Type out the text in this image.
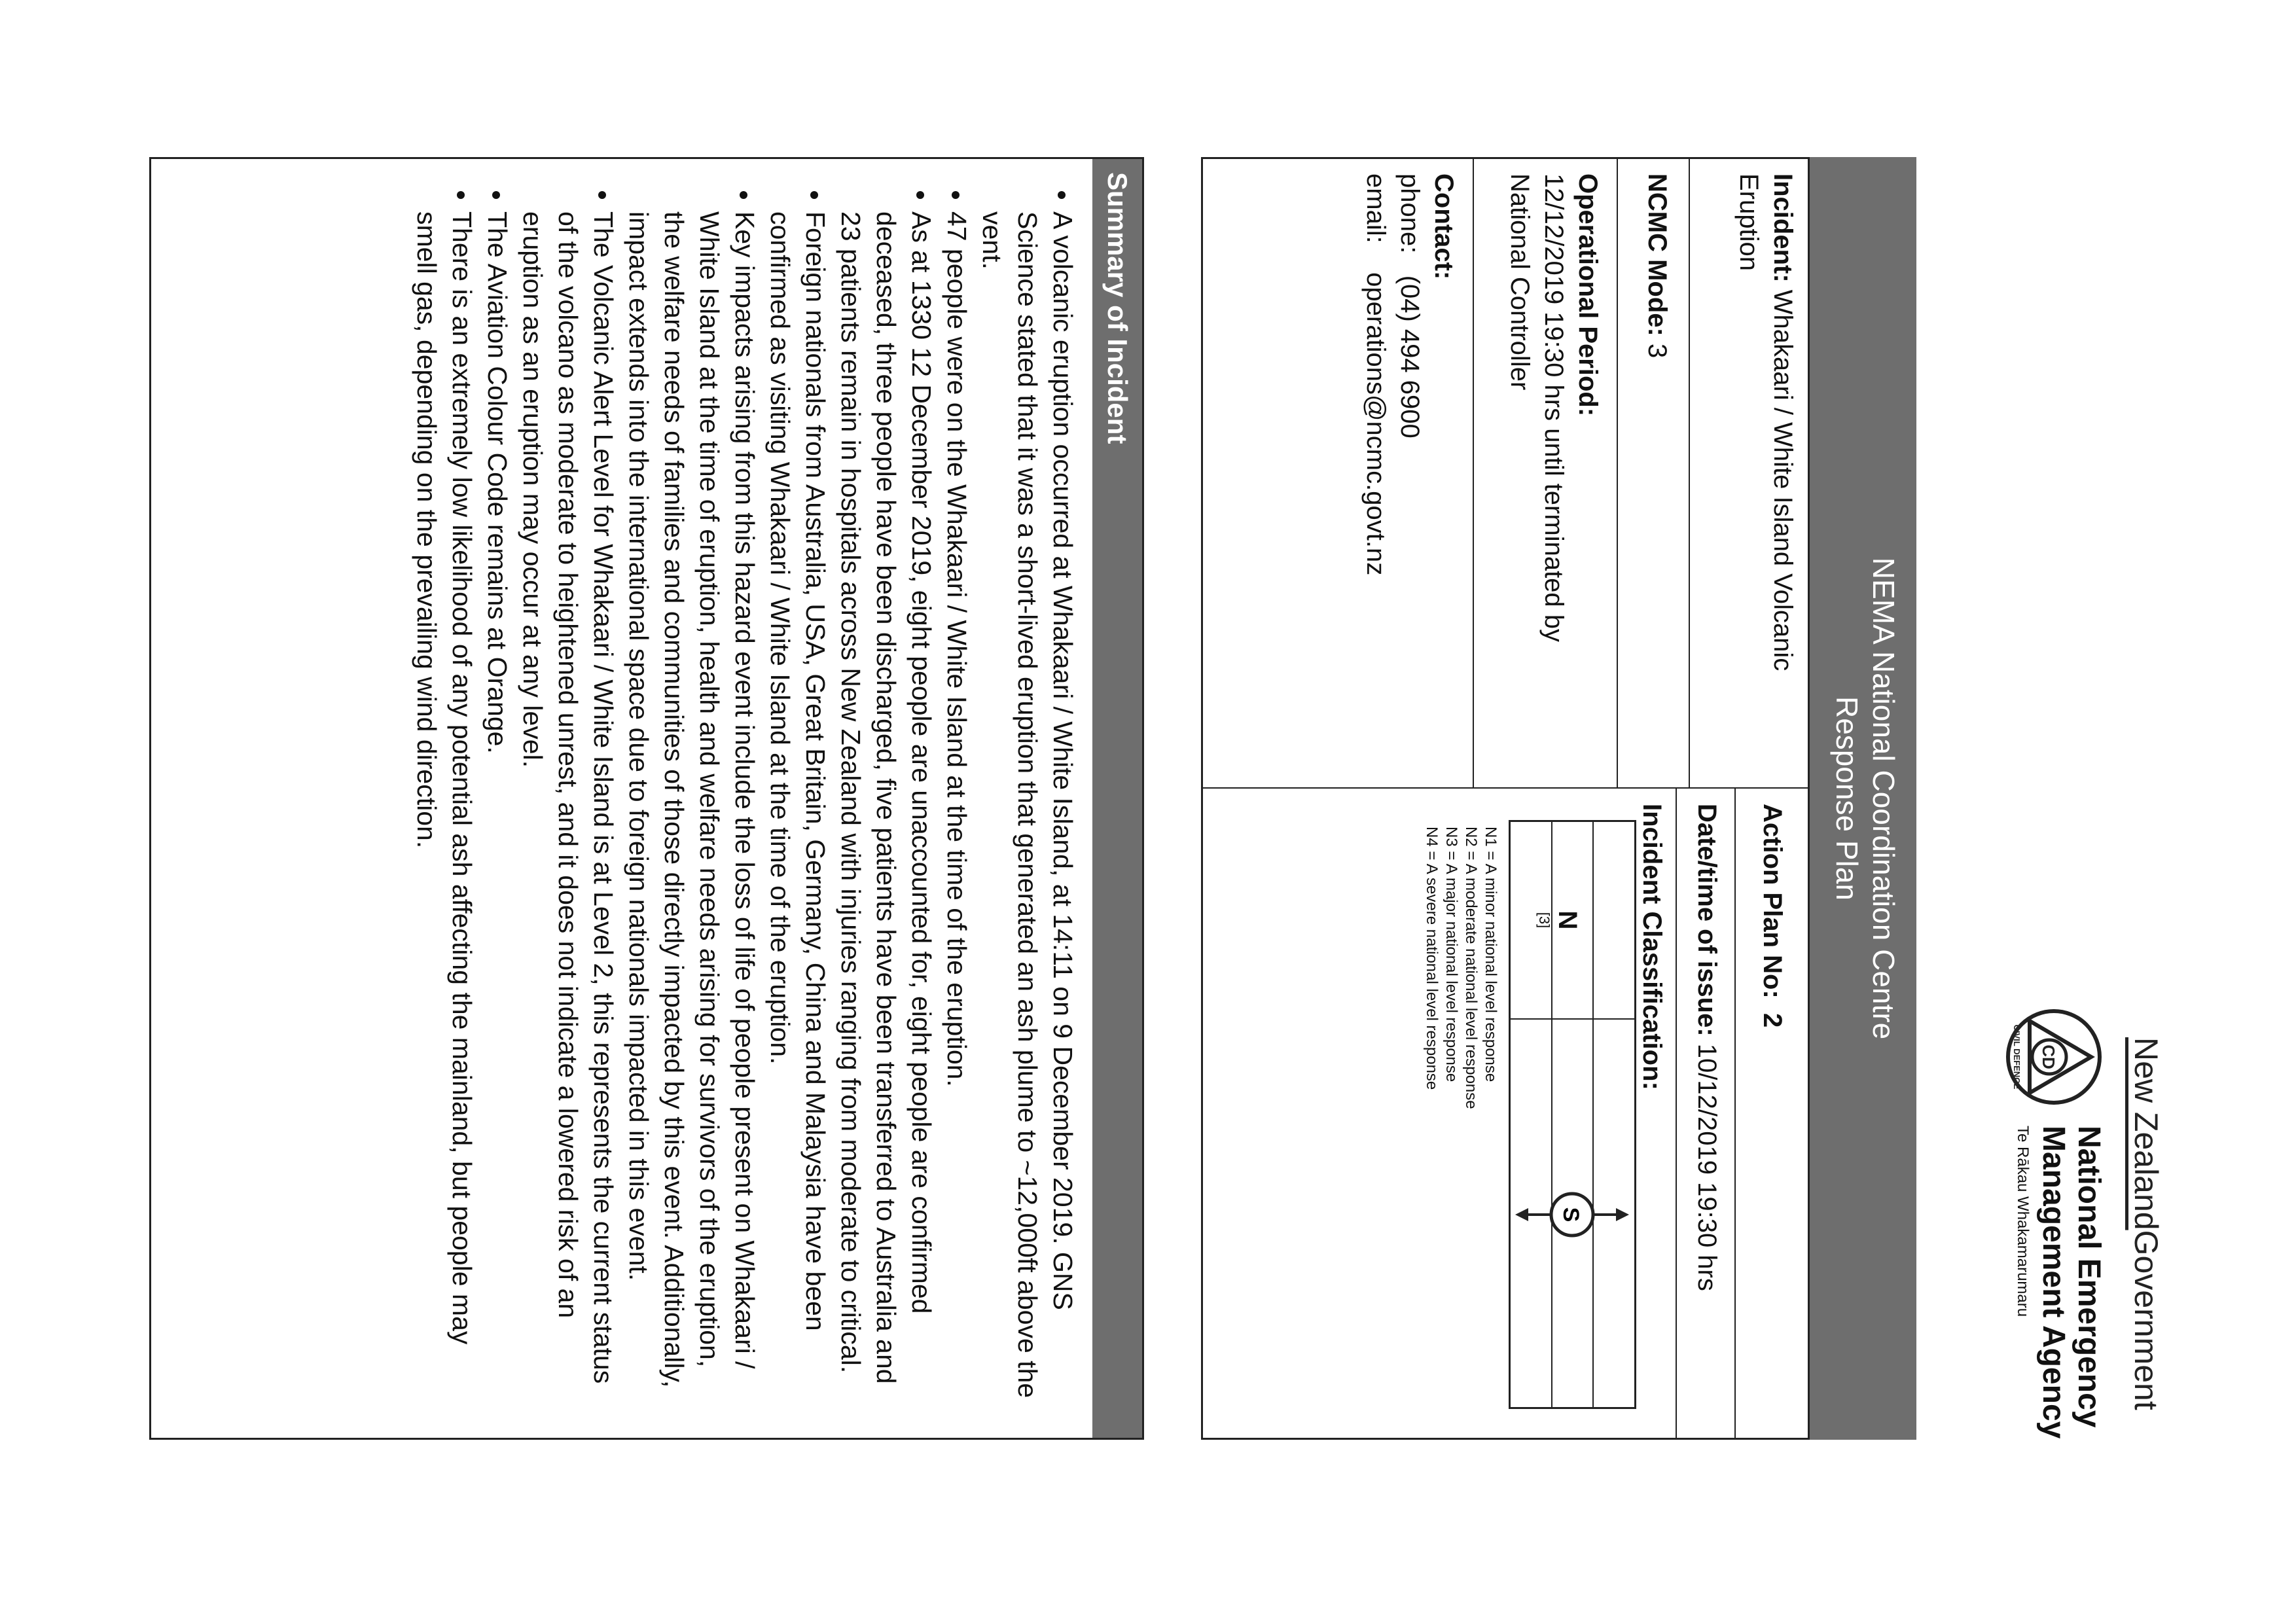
New ZealandGovernment
CD
CIVIL DEFENCE
National Emergency
Management Agency
Te Rākau Whakamarumaru
NEMA National Coordination Centre
Response Plan
Incident: Whakaari / White Island Volcanic
Eruption
NCMC Mode: 3
Operational Period:
12/12/2019 19:30 hrs until terminated by
National Controller
Contact:
phone:   (04) 494 6900
email:    operations@ncmc.govt.nz
Action Plan No:  2
Date/time of issue: 10/12/2019 19:30 hrs
Incident Classification:
N
[3]
S
N1 = A minor national level response
N2 = A moderate national level response
N3 = A major national level response
N4 = A severe national level response
Summary of Incident
• A volcanic eruption occurred at Whakaari / White Island, at 14:11 on 9 December 2019. GNS Science stated that it was a short-lived eruption that generated an ash plume to ~12,000ft above the vent.
• 47 people were on the Whakaari / White Island at the time of the eruption.
• As at 1330 12 December 2019, eight people are unaccounted for, eight people are confirmed deceased, three people have been discharged, five patients have been transferred to Australia and 23 patients remain in hospitals across New Zealand with injuries ranging from moderate to critical.
• Foreign nationals from Australia, USA, Great Britain, Germany, China and Malaysia have been confirmed as visiting Whakaari / White Island at the time of the eruption.
• Key impacts arising from this hazard event include the loss of life of people present on Whakaari / White Island at the time of eruption, health and welfare needs arising for survivors of the eruption, the welfare needs of families and communities of those directly impacted by this event. Additionally, impact extends into the international space due to foreign nationals impacted in this event.
• The Volcanic Alert Level for Whakaari / White Island is at Level 2, this represents the current status of the volcano as moderate to heightened unrest, and it does not indicate a lowered risk of an eruption as an eruption may occur at any level.
• The Aviation Colour Code remains at Orange.
• There is an extremely low likelihood of any potential ash affecting the mainland, but people may smell gas, depending on the prevailing wind direction.
